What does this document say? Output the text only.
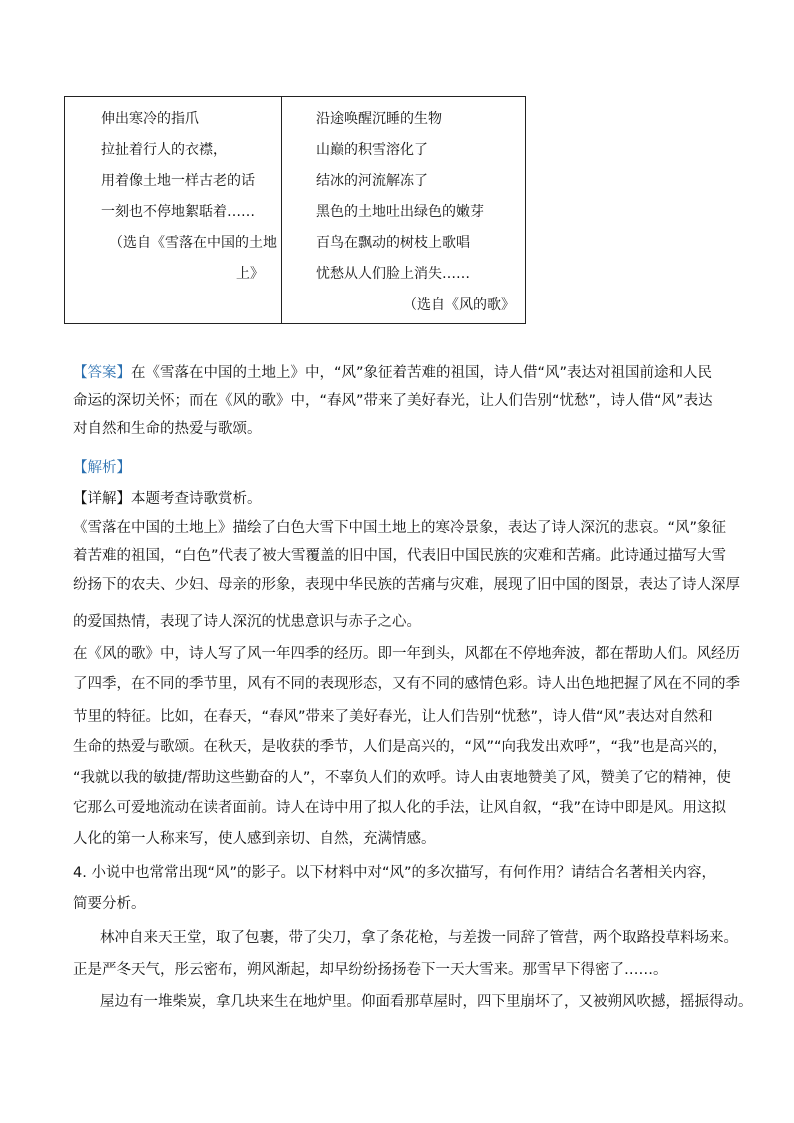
伸出寒冷的指爪
拉扯着行人的衣襟，
用着像土地一样古老的话
一刻也不停地絮聒着……
（选自《雪落在中国的土地
上》
沿途唤醒沉睡的生物
山巅的积雪溶化了
结冰的河流解冻了
黑色的土地吐出绿色的嫩芽
百鸟在飘动的树枝上歌唱
忧愁从人们脸上消失……
（选自《风的歌》
【答案】在《雪落在中国的土地上》中，“风”象征着苦难的祖国，诗人借“风”表达对祖国前途和人民
命运的深切关怀；而在《风的歌》中，“春风”带来了美好春光，让人们告别“忧愁”，诗人借“风”表达
对自然和生命的热爱与歌颂。
【解析】
【详解】本题考查诗歌赏析。
《雪落在中国的土地上》描绘了白色大雪下中国土地上的寒冷景象，表达了诗人深沉的悲哀。“风”象征
着苦难的祖国，“白色”代表了被大雪覆盖的旧中国，代表旧中国民族的灾难和苦痛。此诗通过描写大雪
纷扬下的农夫、少妇、母亲的形象，表现中华民族的苦痛与灾难，展现了旧中国的图景，表达了诗人深厚
的爱国热情，表现了诗人深沉的忧患意识与赤子之心。
在《风的歌》中，诗人写了风一年四季的经历。即一年到头，风都在不停地奔波，都在帮助人们。风经历
了四季，在不同的季节里，风有不同的表现形态，又有不同的感情色彩。诗人出色地把握了风在不同的季
节里的特征。比如，在春天，“春风”带来了美好春光，让人们告别“忧愁”，诗人借“风”表达对自然和
生命的热爱与歌颂。在秋天，是收获的季节，人们是高兴的，“风”“向我发出欢呼”，“我”也是高兴的，
“我就以我的敏捷/帮助这些勤奋的人”，不辜负人们的欢呼。诗人由衷地赞美了风，赞美了它的精神，使
它那么可爱地流动在读者面前。诗人在诗中用了拟人化的手法，让风自叙，“我”在诗中即是风。用这拟
人化的第一人称来写，使人感到亲切、自然，充满情感。
4. 小说中也常常出现“风”的影子。以下材料中对“风”的多次描写，有何作用？请结合名著相关内容，
简要分析。
林冲自来天王堂，取了包裹，带了尖刀，拿了条花枪，与差拨一同辞了管营，两个取路投草料场来。
正是严冬天气，彤云密布，朔风渐起，却早纷纷扬扬卷下一天大雪来。那雪早下得密了……。
屋边有一堆柴炭，拿几块来生在地炉里。仰面看那草屋时，四下里崩坏了，又被朔风吹撼，摇振得动。
